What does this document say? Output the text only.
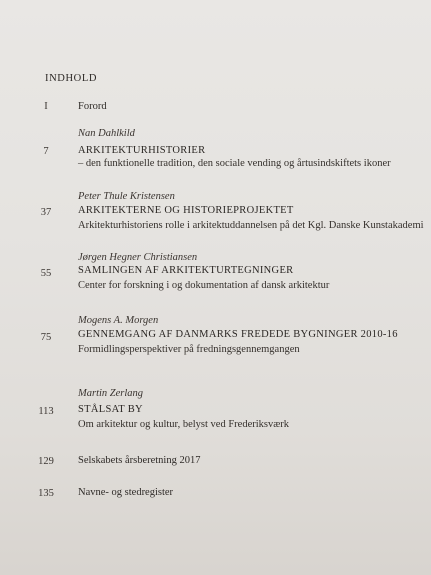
INDHOLD
I	Forord
Nan Dahlkild
7	ARKITEKTURHISTORIER
– den funktionelle tradition, den sociale vending og årtusindskiftets ikoner
Peter Thule Kristensen
37	ARKITEKTERNE OG HISTORIEPROJEKTET
Arkitekturhistoriens rolle i arkitektuddannelsen på det Kgl. Danske Kunstakademi
Jørgen Hegner Christiansen
55	SAMLINGEN AF ARKITEKTURTEGNINGER
Center for forskning i og dokumentation af dansk arkitektur
Mogens A. Morgen
75	GENNEMGANG AF DANMARKS FREDEDE BYGNINGER 2010-16
Formidlingsperspektiver på fredningsgennemgangen
Martin Zerlang
113	STÅLSAT BY
Om arkitektur og kultur, belyst ved Frederiksværk
129	Selskabets årsberetning 2017
135	Navne- og stedregister
